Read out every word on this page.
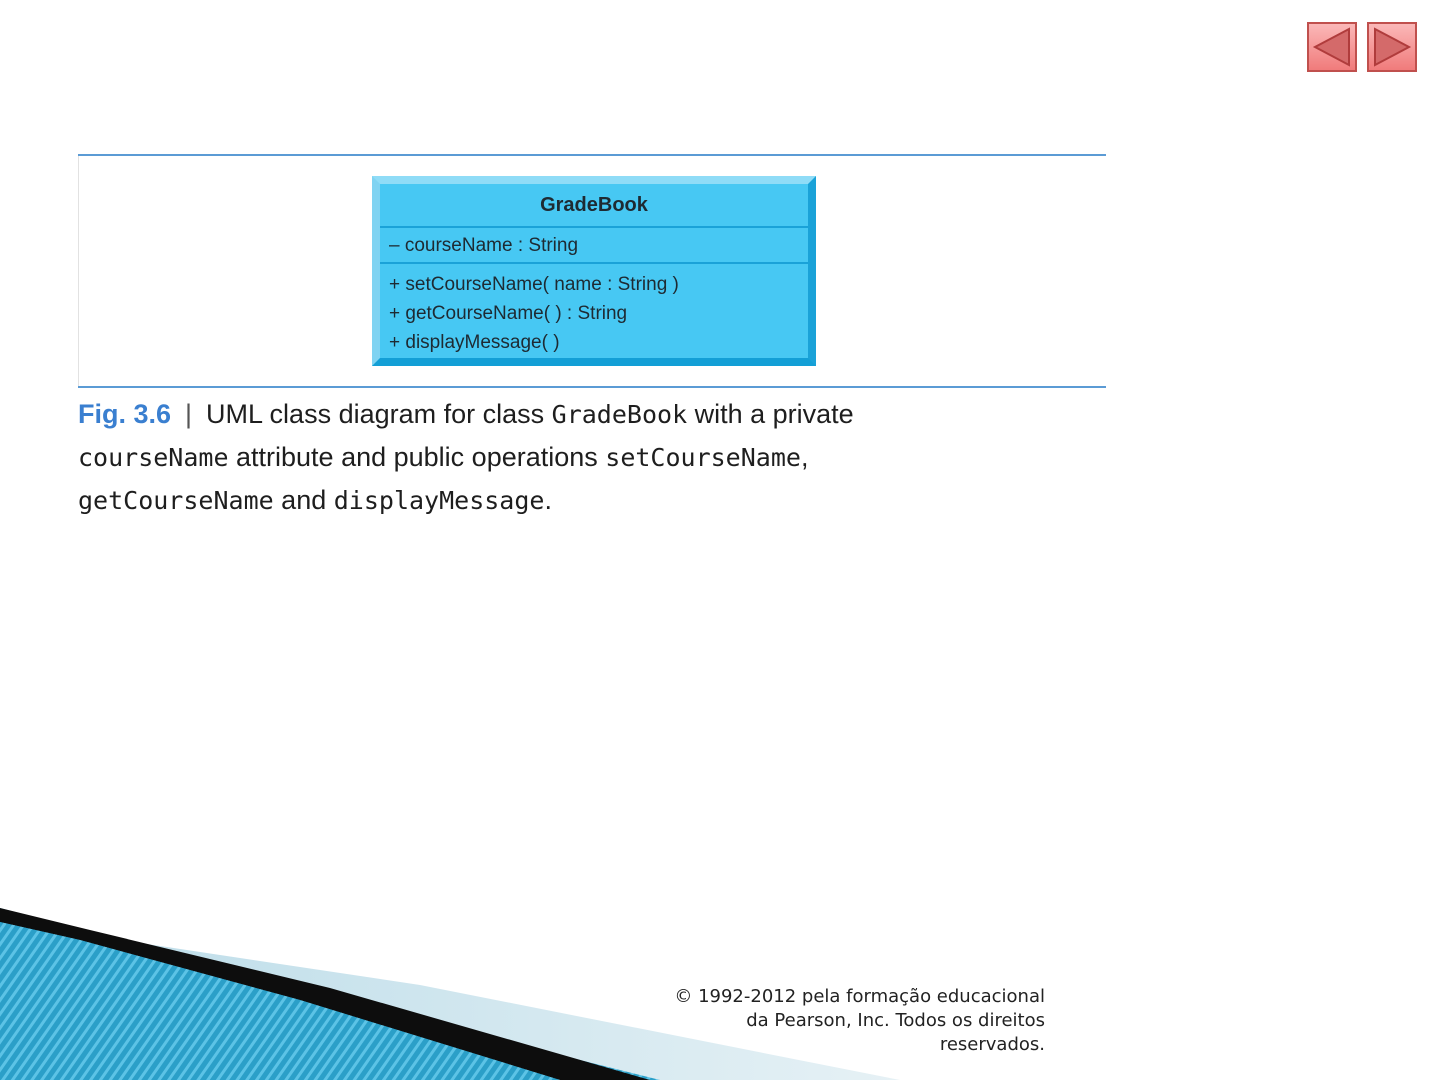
GradeBook
– courseName : String
+ setCourseName( name : String )
+ getCourseName( ) : String
+ displayMessage( )
Fig. 3.6 | UML class diagram for class GradeBook with a private
courseName attribute and public operations setCourseName,
getCourseName and displayMessage.
© 1992-2012 pela formação educacional
da Pearson, Inc. Todos os direitos
reservados.
